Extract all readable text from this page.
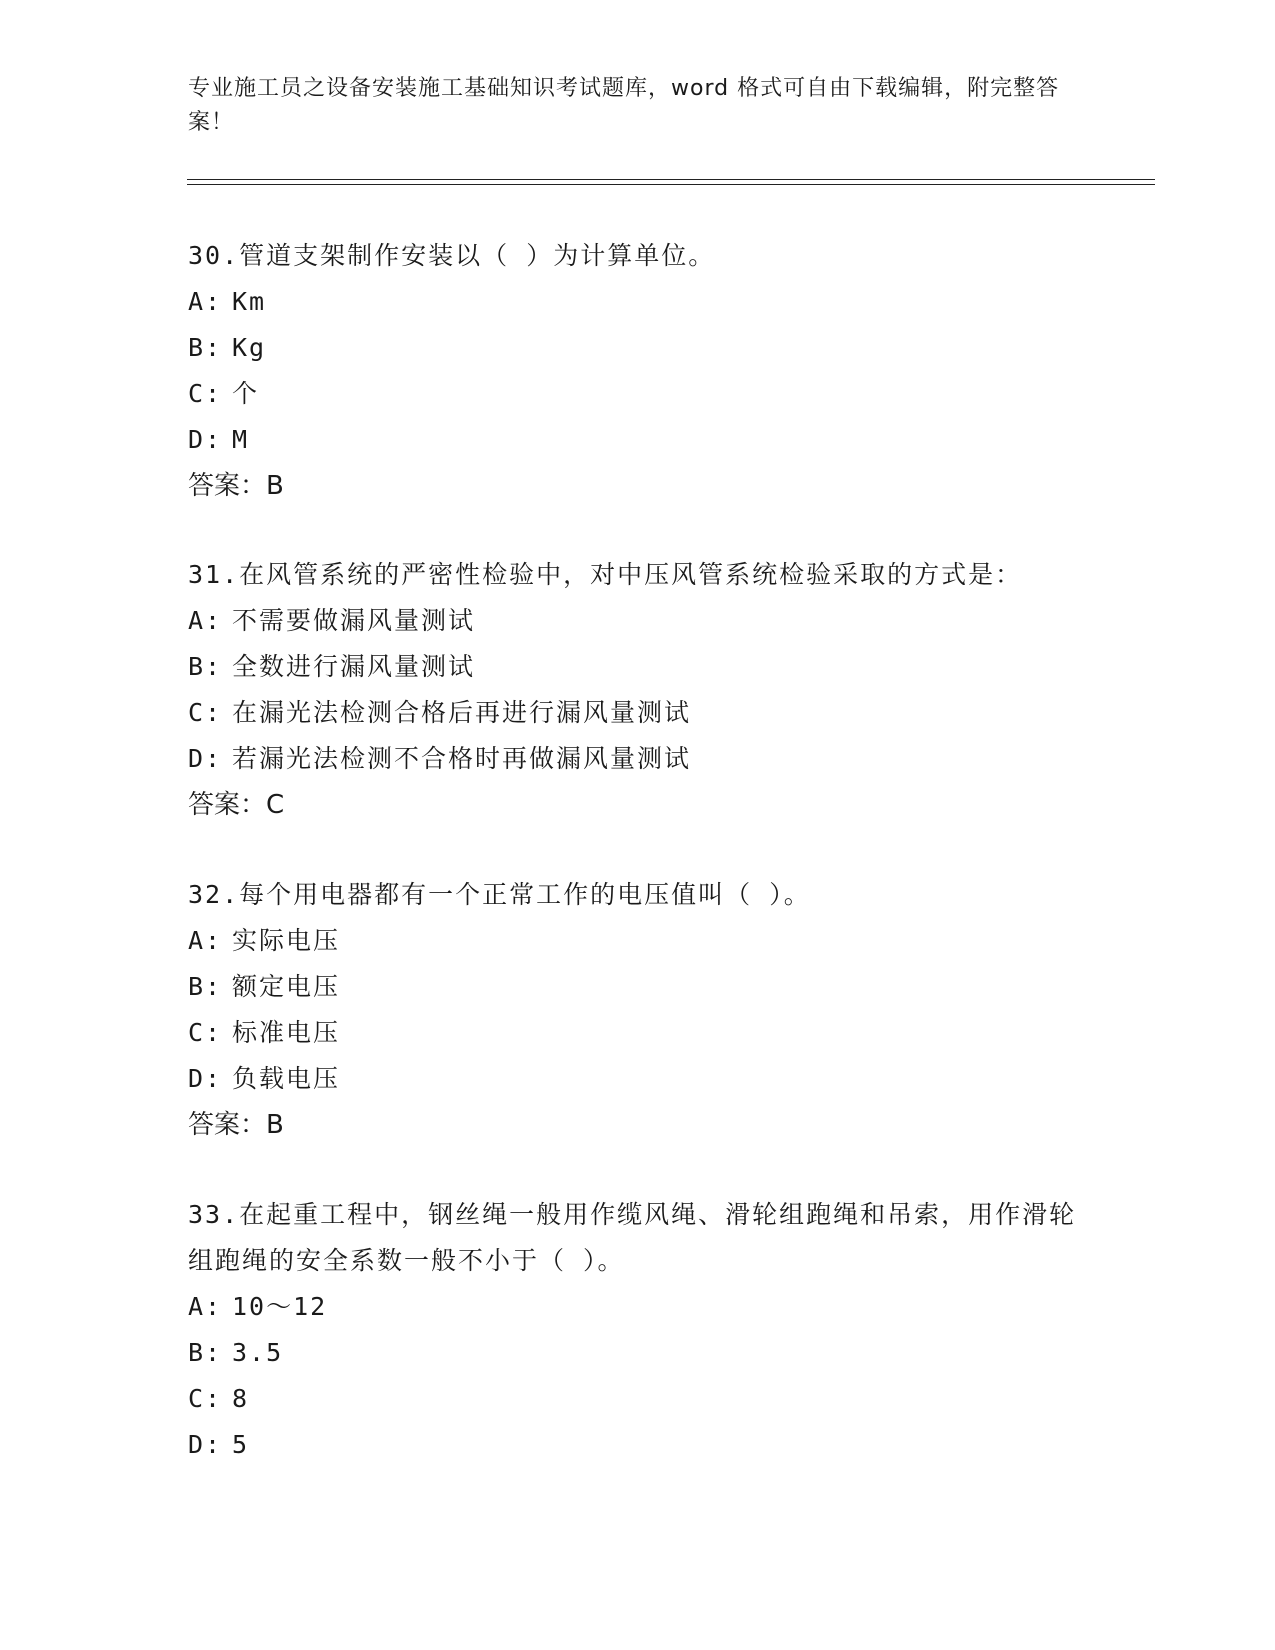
专业施工员之设备安装施工基础知识考试题库，word 格式可自由下载编辑，附完整答案！

30.管道支架制作安装以（ ）为计算单位。

A: Km

B: Kg

C: 个

D: M

答案：B

31.在风管系统的严密性检验中，对中压风管系统检验采取的方式是：

A: 不需要做漏风量测试

B: 全数进行漏风量测试

C: 在漏光法检测合格后再进行漏风量测试

D: 若漏光法检测不合格时再做漏风量测试

答案：C

32.每个用电器都有一个正常工作的电压值叫（ ）。

A: 实际电压

B: 额定电压

C: 标准电压

D: 负载电压

答案：B

33.在起重工程中，钢丝绳一般用作缆风绳、滑轮组跑绳和吊索，用作滑轮组跑绳的安全系数一般不小于（ ）。

A: 10～12

B: 3.5

C: 8

D: 5
